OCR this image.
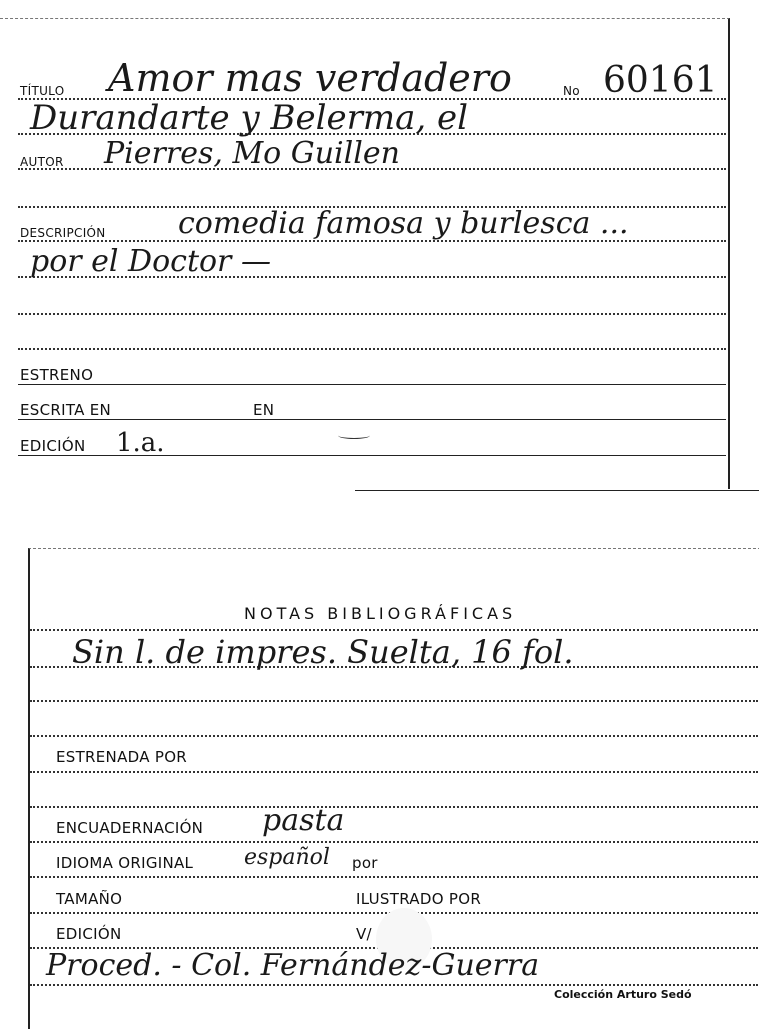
TÍTULO Amor mas verdadero	No 60161
Durandarte y Belerma, el
AUTOR Pierres, Mo Guillen
DESCRIPCIÓN comedia famosa y burlesca ...
por el Doctor —
ESTRENO
ESCRITA EN	EN
EDICIÓN 1.a.
NOTAS BIBLIOGRÁFICAS
Sin l. de impres. Suelta, 16 fol.
ESTRENADA POR
ENCUADERNACIÓN pasta
IDIOMA ORIGINAL español por
TAMAÑO	ILUSTRADO POR
EDICIÓN	V/
Proced. - Col. Fernández-Guerra
Colección Arturo Sedó
